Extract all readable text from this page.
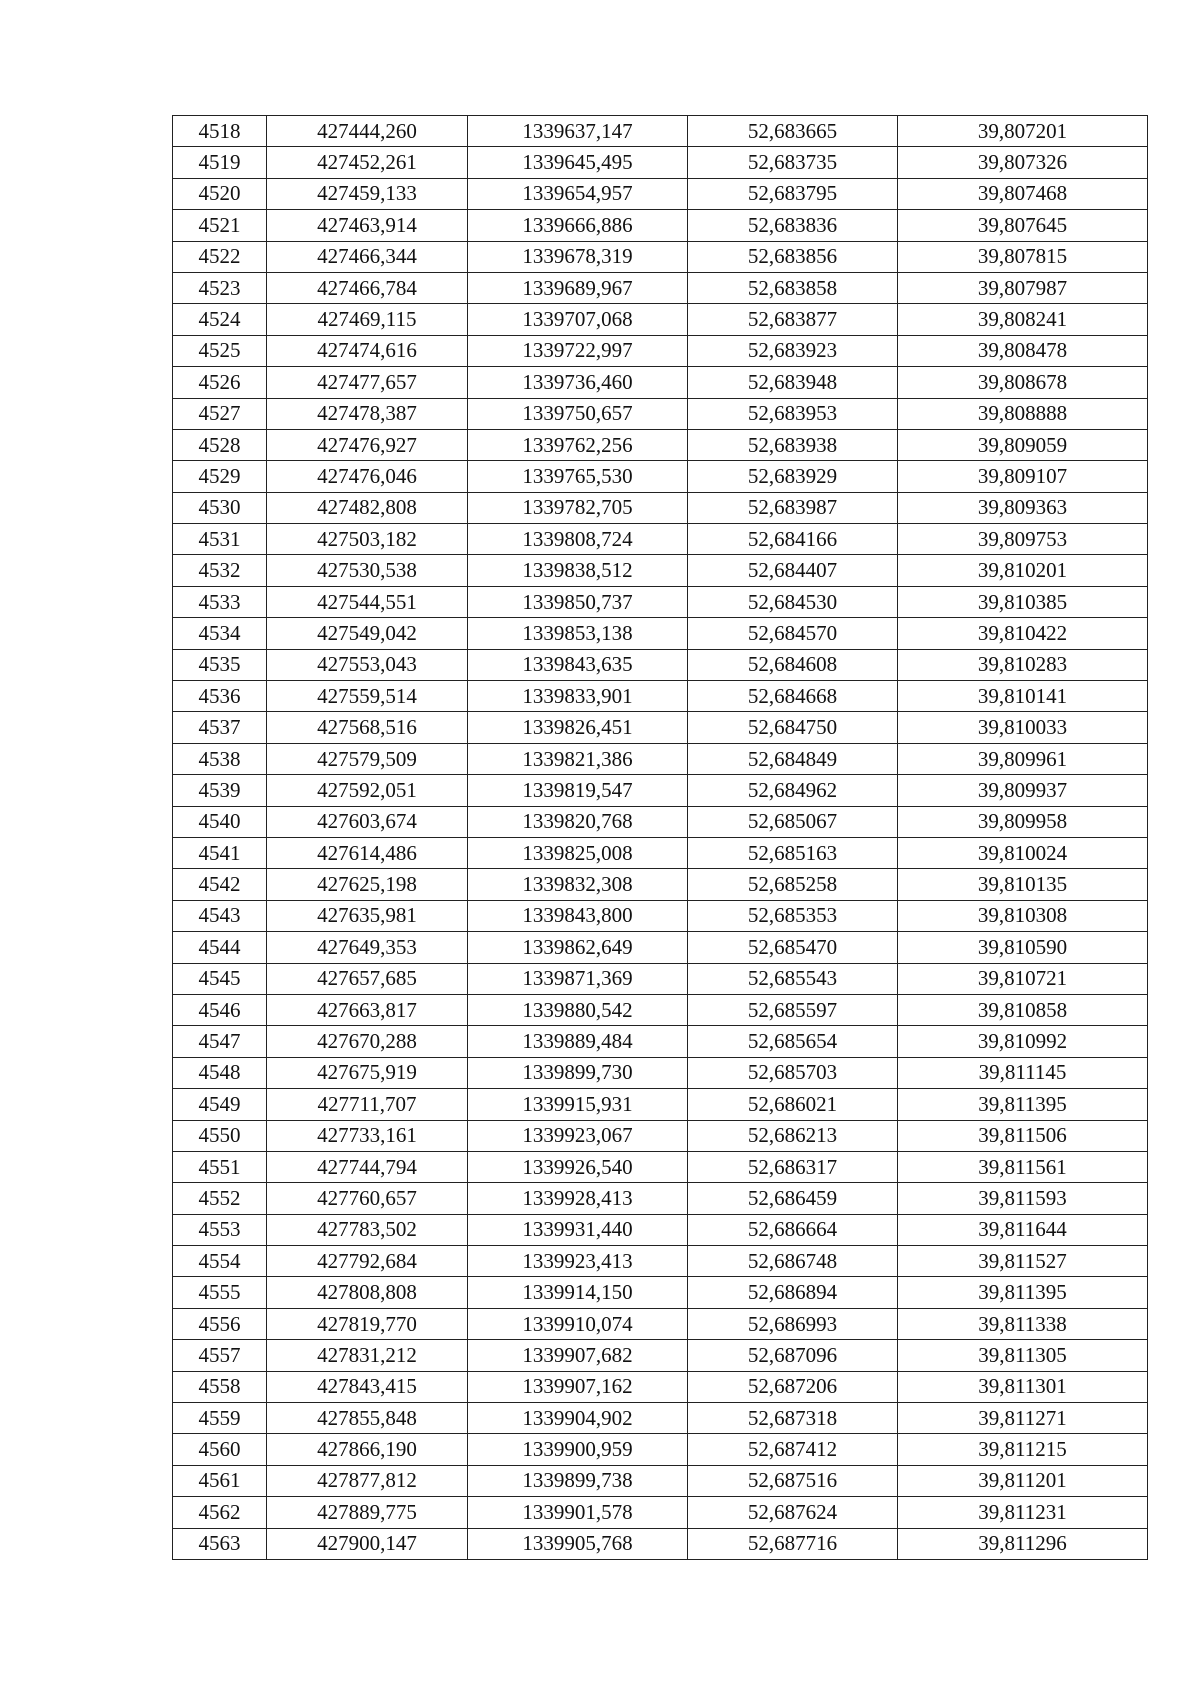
4518	427444,260	1339637,147	52,683665	39,807201
4519	427452,261	1339645,495	52,683735	39,807326
4520	427459,133	1339654,957	52,683795	39,807468
4521	427463,914	1339666,886	52,683836	39,807645
4522	427466,344	1339678,319	52,683856	39,807815
4523	427466,784	1339689,967	52,683858	39,807987
4524	427469,115	1339707,068	52,683877	39,808241
4525	427474,616	1339722,997	52,683923	39,808478
4526	427477,657	1339736,460	52,683948	39,808678
4527	427478,387	1339750,657	52,683953	39,808888
4528	427476,927	1339762,256	52,683938	39,809059
4529	427476,046	1339765,530	52,683929	39,809107
4530	427482,808	1339782,705	52,683987	39,809363
4531	427503,182	1339808,724	52,684166	39,809753
4532	427530,538	1339838,512	52,684407	39,810201
4533	427544,551	1339850,737	52,684530	39,810385
4534	427549,042	1339853,138	52,684570	39,810422
4535	427553,043	1339843,635	52,684608	39,810283
4536	427559,514	1339833,901	52,684668	39,810141
4537	427568,516	1339826,451	52,684750	39,810033
4538	427579,509	1339821,386	52,684849	39,809961
4539	427592,051	1339819,547	52,684962	39,809937
4540	427603,674	1339820,768	52,685067	39,809958
4541	427614,486	1339825,008	52,685163	39,810024
4542	427625,198	1339832,308	52,685258	39,810135
4543	427635,981	1339843,800	52,685353	39,810308
4544	427649,353	1339862,649	52,685470	39,810590
4545	427657,685	1339871,369	52,685543	39,810721
4546	427663,817	1339880,542	52,685597	39,810858
4547	427670,288	1339889,484	52,685654	39,810992
4548	427675,919	1339899,730	52,685703	39,811145
4549	427711,707	1339915,931	52,686021	39,811395
4550	427733,161	1339923,067	52,686213	39,811506
4551	427744,794	1339926,540	52,686317	39,811561
4552	427760,657	1339928,413	52,686459	39,811593
4553	427783,502	1339931,440	52,686664	39,811644
4554	427792,684	1339923,413	52,686748	39,811527
4555	427808,808	1339914,150	52,686894	39,811395
4556	427819,770	1339910,074	52,686993	39,811338
4557	427831,212	1339907,682	52,687096	39,811305
4558	427843,415	1339907,162	52,687206	39,811301
4559	427855,848	1339904,902	52,687318	39,811271
4560	427866,190	1339900,959	52,687412	39,811215
4561	427877,812	1339899,738	52,687516	39,811201
4562	427889,775	1339901,578	52,687624	39,811231
4563	427900,147	1339905,768	52,687716	39,811296
